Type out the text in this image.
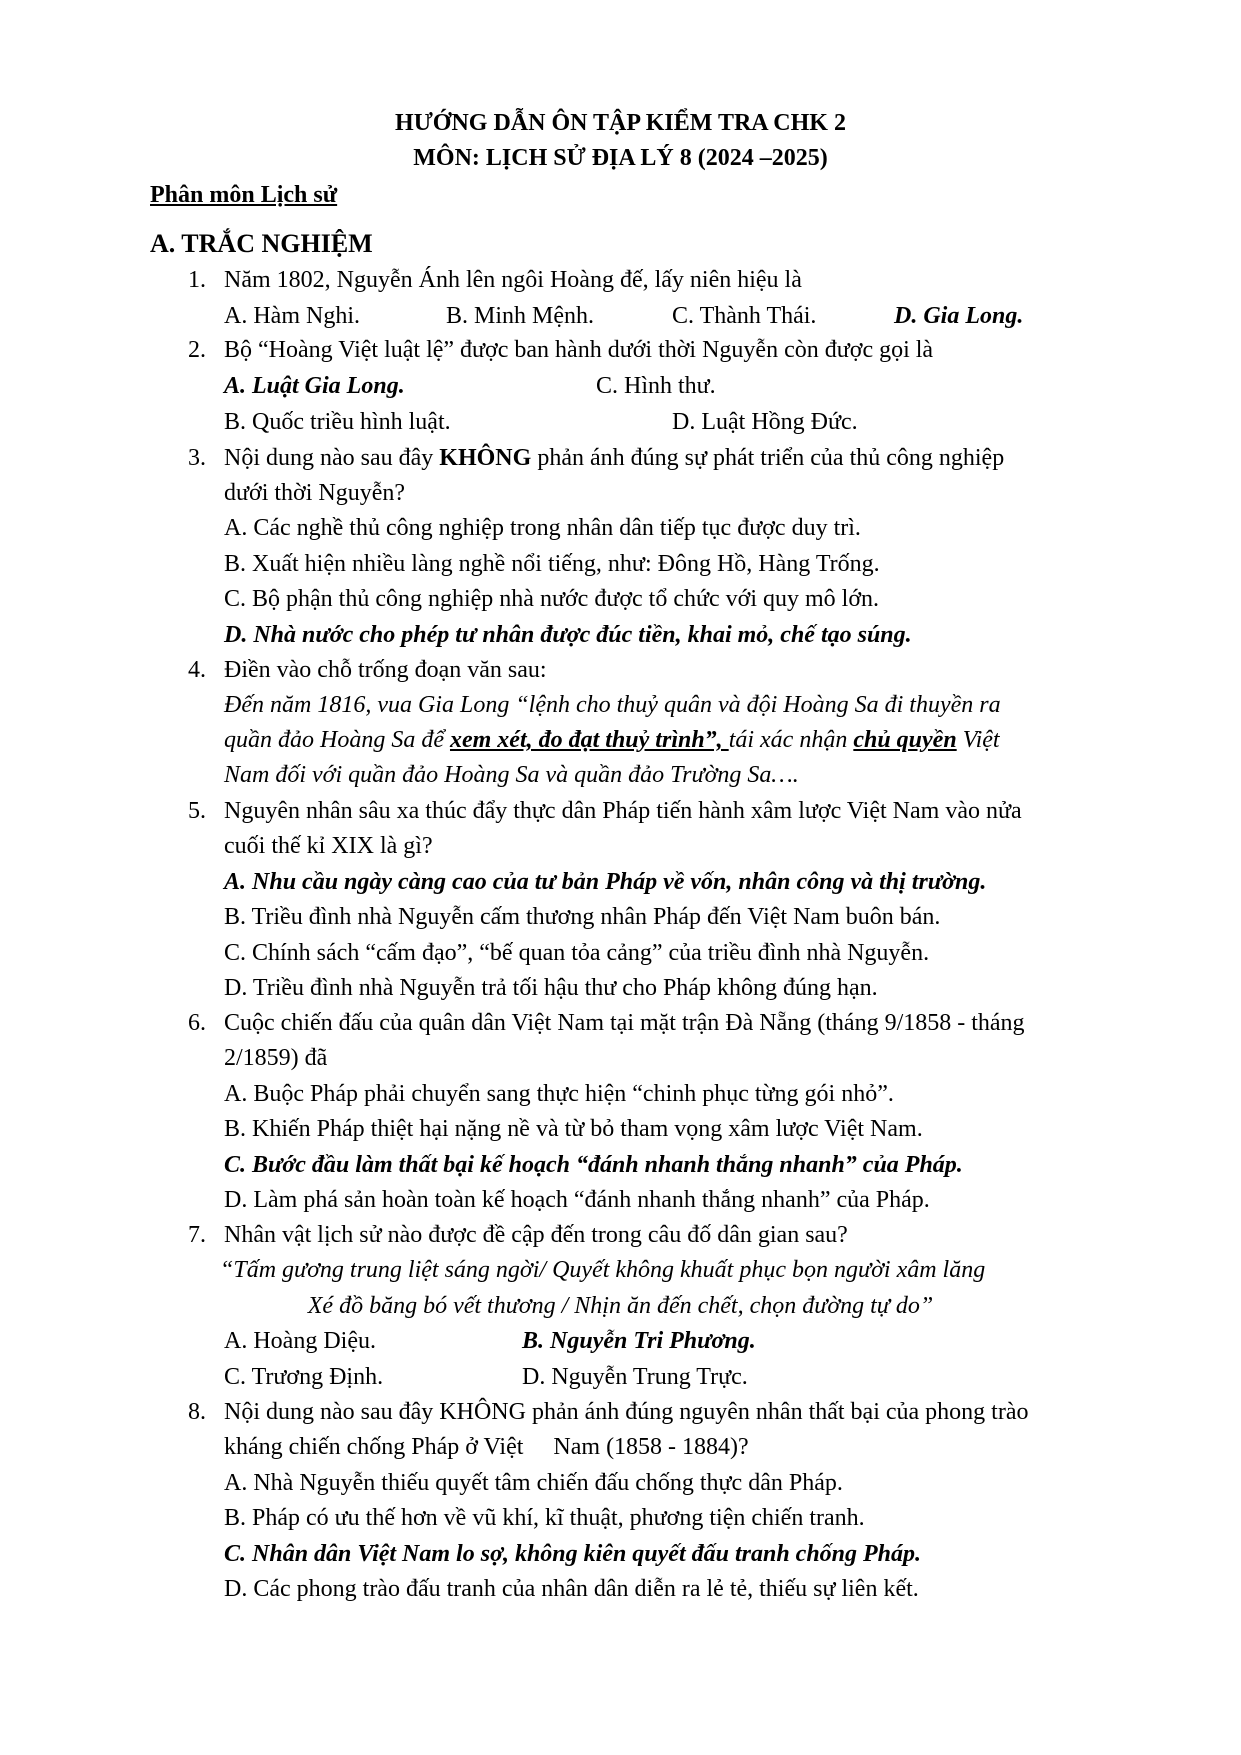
HƯỚNG DẪN ÔN TẬP KIỂM TRA CHK 2
MÔN: LỊCH SỬ ĐỊA LÝ 8 (2024 –2025)
Phân môn Lịch sử
A. TRẮC NGHIỆM
1. Năm 1802, Nguyễn Ánh lên ngôi Hoàng đế, lấy niên hiệu là
A. Hàm Nghi.	B. Minh Mệnh.	C. Thành Thái.	D. Gia Long.
2. Bộ “Hoàng Việt luật lệ” được ban hành dưới thời Nguyễn còn được gọi là
A. Luật Gia Long.	C. Hình thư.
B. Quốc triều hình luật.	D. Luật Hồng Đức.
3. Nội dung nào sau đây KHÔNG phản ánh đúng sự phát triển của thủ công nghiệp
dưới thời Nguyễn?
A. Các nghề thủ công nghiệp trong nhân dân tiếp tục được duy trì.
B. Xuất hiện nhiều làng nghề nổi tiếng, như: Đông Hồ, Hàng Trống.
C. Bộ phận thủ công nghiệp nhà nước được tổ chức với quy mô lớn.
D. Nhà nước cho phép tư nhân được đúc tiền, khai mỏ, chế tạo súng.
4. Điền vào chỗ trống đoạn văn sau:
Đến năm 1816, vua Gia Long “lệnh cho thuỷ quân và đội Hoàng Sa đi thuyền ra
quần đảo Hoàng Sa để xem xét, đo đạt thuỷ trình”, tái xác nhận chủ quyền Việt
Nam đối với quần đảo Hoàng Sa và quần đảo Trường Sa….
5. Nguyên nhân sâu xa thúc đẩy thực dân Pháp tiến hành xâm lược Việt Nam vào nửa
cuối thế kỉ XIX là gì?
A. Nhu cầu ngày càng cao của tư bản Pháp về vốn, nhân công và thị trường.
B. Triều đình nhà Nguyễn cấm thương nhân Pháp đến Việt Nam buôn bán.
C. Chính sách “cấm đạo”, “bế quan tỏa cảng” của triều đình nhà Nguyễn.
D. Triều đình nhà Nguyễn trả tối hậu thư cho Pháp không đúng hạn.
6. Cuộc chiến đấu của quân dân Việt Nam tại mặt trận Đà Nẵng (tháng 9/1858 - tháng
2/1859) đã
A. Buộc Pháp phải chuyển sang thực hiện “chinh phục từng gói nhỏ”.
B. Khiến Pháp thiệt hại nặng nề và từ bỏ tham vọng xâm lược Việt Nam.
C. Bước đầu làm thất bại kế hoạch “đánh nhanh thắng nhanh” của Pháp.
D. Làm phá sản hoàn toàn kế hoạch “đánh nhanh thắng nhanh” của Pháp.
7. Nhân vật lịch sử nào được đề cập đến trong câu đố dân gian sau?
“Tấm gương trung liệt sáng ngời/ Quyết không khuất phục bọn người xâm lăng
Xé đồ băng bó vết thương / Nhịn ăn đến chết, chọn đường tự do”
A. Hoàng Diệu.	B. Nguyễn Tri Phương.
C. Trương Định.	D. Nguyễn Trung Trực.
8. Nội dung nào sau đây KHÔNG phản ánh đúng nguyên nhân thất bại của phong trào
kháng chiến chống Pháp ở Việt     Nam (1858 - 1884)?
A. Nhà Nguyễn thiếu quyết tâm chiến đấu chống thực dân Pháp.
B. Pháp có ưu thế hơn về vũ khí, kĩ thuật, phương tiện chiến tranh.
C. Nhân dân Việt Nam lo sợ, không kiên quyết đấu tranh chống Pháp.
D. Các phong trào đấu tranh của nhân dân diễn ra lẻ tẻ, thiếu sự liên kết.
